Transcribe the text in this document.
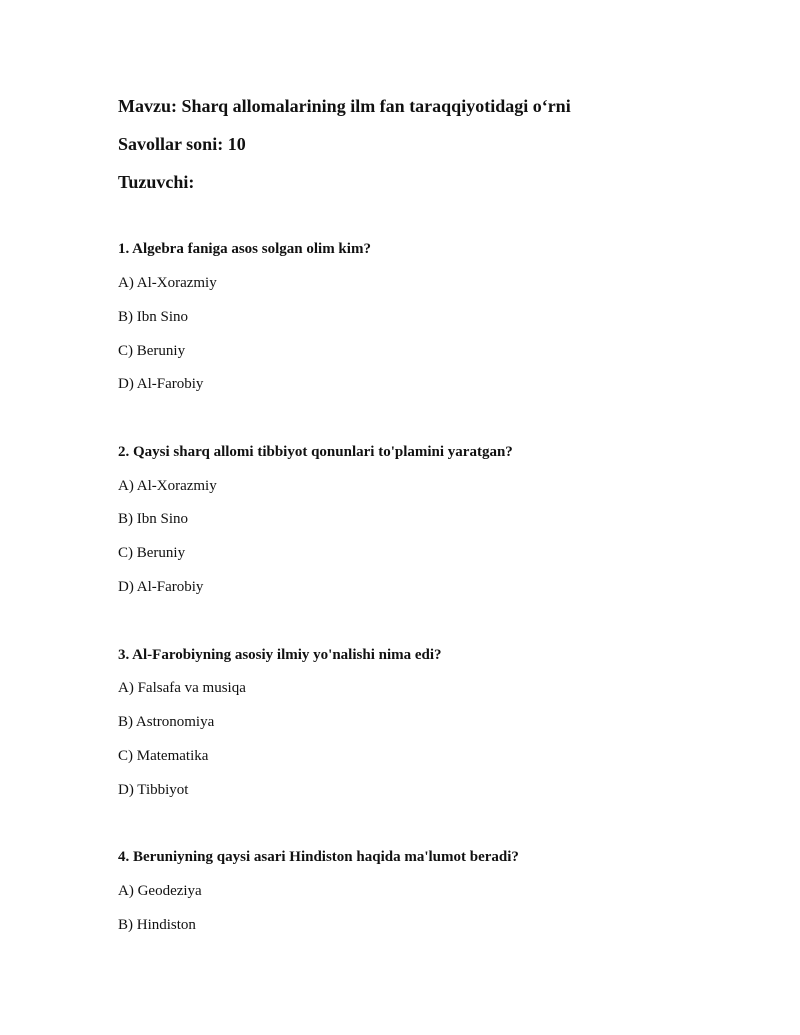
Mavzu: Sharq allomalarining ilm fan taraqqiyotidagi o‘rni
Savollar soni: 10
Tuzuvchi:
1. Algebra faniga asos solgan olim kim?
A) Al-Xorazmiy
B) Ibn Sino
C) Beruniy
D) Al-Farobiy
2. Qaysi sharq allomi tibbiyot qonunlari to'plamini yaratgan?
A) Al-Xorazmiy
B) Ibn Sino
C) Beruniy
D) Al-Farobiy
3. Al-Farobiyning asosiy ilmiy yo'nalishi nima edi?
A) Falsafa va musiqa
B) Astronomiya
C) Matematika
D) Tibbiyot
4. Beruniyning qaysi asari Hindiston haqida ma'lumot beradi?
A) Geodeziya
B) Hindiston
